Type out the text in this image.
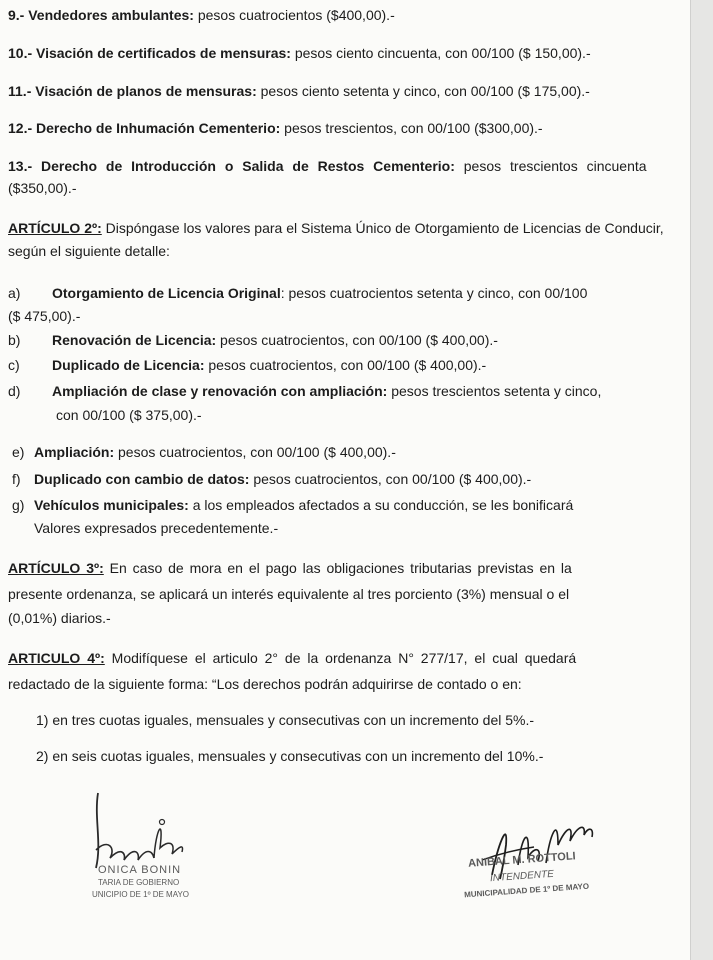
9.- Vendedores ambulantes: pesos cuatrocientos ($400,00).-
10.- Visación de certificados de mensuras: pesos ciento cincuenta, con 00/100 ($ 150,00).-
11.- Visación de planos de mensuras: pesos ciento setenta y cinco, con 00/100 ($ 175,00).-
12.- Derecho de Inhumación Cementerio: pesos trescientos, con 00/100 ($300,00).-
13.- Derecho de Introducción o Salida de Restos Cementerio: pesos trescientos cincuenta
($350,00).-
ARTÍCULO 2º: Dispóngase los valores para el Sistema Único de Otorgamiento de Licencias de Conducir,
según el siguiente detalle:
a) Otorgamiento de Licencia Original: pesos cuatrocientos setenta y cinco, con 00/100
($ 475,00).-
b) Renovación de Licencia: pesos cuatrocientos, con 00/100 ($ 400,00).-
c) Duplicado de Licencia: pesos cuatrocientos, con 00/100 ($ 400,00).-
d) Ampliación de clase y renovación con ampliación: pesos trescientos setenta y cinco,
con 00/100 ($ 375,00).-
e) Ampliación: pesos cuatrocientos, con 00/100 ($ 400,00).-
f) Duplicado con cambio de datos: pesos cuatrocientos, con 00/100 ($ 400,00).-
g) Vehículos municipales: a los empleados afectados a su conducción, se les bonificará
Valores expresados precedentemente.-
ARTÍCULO 3º: En caso de mora en el pago las obligaciones tributarias previstas en la
presente ordenanza, se aplicará un interés equivalente al tres porciento (3%) mensual o el
(0,01%) diarios.-
ARTICULO 4º: Modifíquese el articulo 2° de la ordenanza N° 277/17, el cual quedará
redactado de la siguiente forma: “Los derechos podrán adquirirse de contado o en:
1) en tres cuotas iguales, mensuales y consecutivas con un incremento del 5%.-
2) en seis cuotas iguales, mensuales y consecutivas con un incremento del 10%.-
ONICA BONIN
TARIA DE GOBIERNO
UNICIPIO DE 1º DE MAYO
ANIBAL M. ROTTOLI
INTENDENTE
MUNICIPALIDAD DE 1º DE MAYO
